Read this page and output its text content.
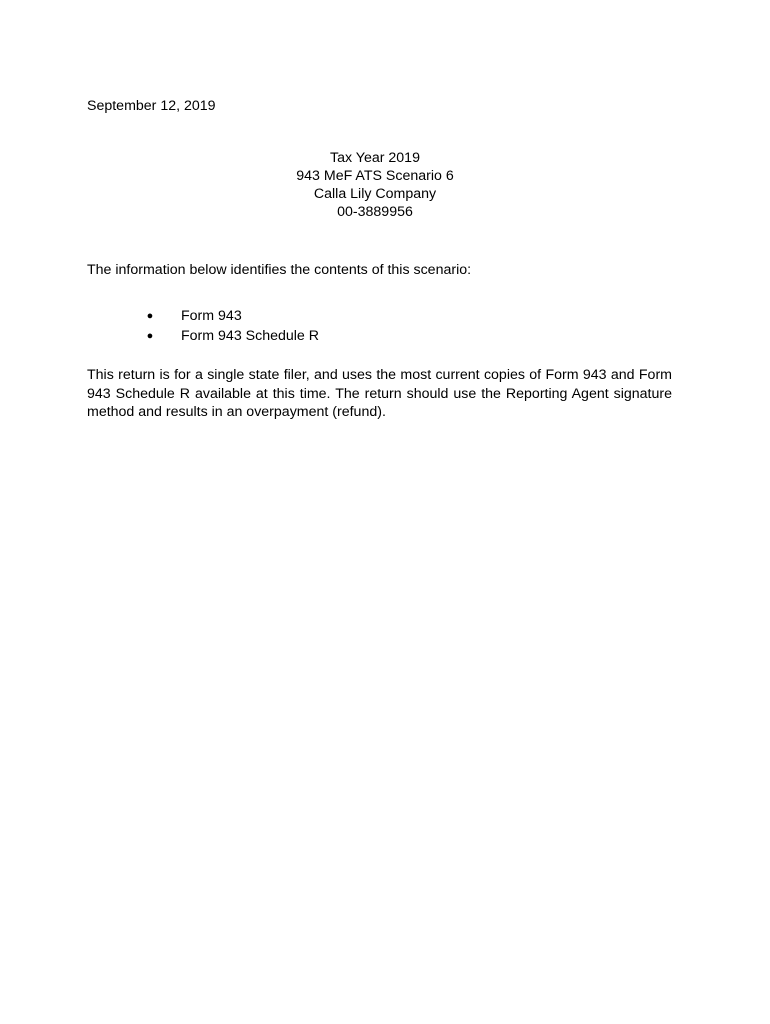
September 12, 2019
Tax Year 2019
943 MeF ATS Scenario 6
Calla Lily Company
00-3889956
The information below identifies the contents of this scenario:
● Form 943
● Form 943 Schedule R
This return is for a single state filer, and uses the most current copies of Form 943 and Form 943 Schedule R available at this time. The return should use the Reporting Agent signature method and results in an overpayment (refund).
